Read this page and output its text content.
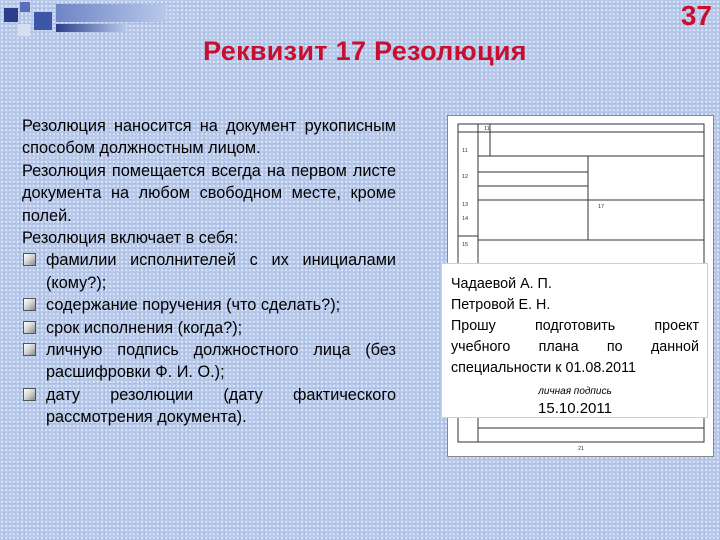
37
Реквизит 17 Резолюция
Резолюция наносится на документ рукописным способом должностным лицом.
Резолюция помещается всегда на первом листе документа на любом свободном месте, кроме полей.
Резолюция включает в себя:
фамилии исполнителей с их инициалами (кому?);
содержание поручения (что сделать?);
срок исполнения (когда?);
личную подпись должностного лица (без расшифровки Ф. И. О.);
дату резолюции (дату фактического рассмотрения документа).
11
11
12
13
14
15
17
21
Чадаевой А. П.
Петровой Е. Н.
Прошу подготовить проект
учебного плана по данной
специальности к 01.08.2011
личная подпись
15.10.2011
